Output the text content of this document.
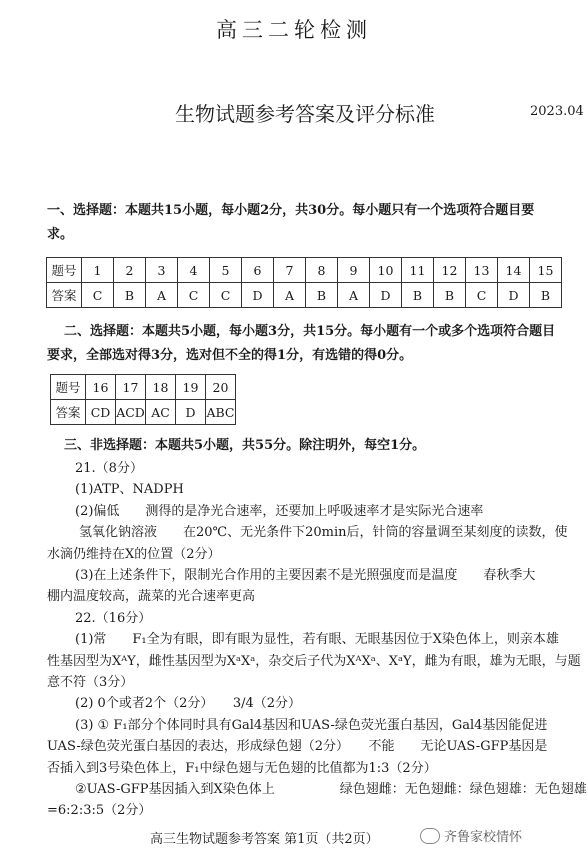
高三二轮检测
生物试题参考答案及评分标准	2023.04
一、选择题：本题共15小题，每小题2分，共30分。每小题只有一个选项符合题目要
求。
题号	1	2	3	4	5	6	7	8	9	10	11	12	13	14	15
答案	C	B	A	C	C	D	A	B	A	D	B	B	C	D	B
二、选择题：本题共5小题，每小题3分，共15分。每小题有一个或多个选项符合题目
要求，全部选对得3分，选对但不全的得1分，有选错的得0分。
题号	16	17	18	19	20
答案	CD	ACD	AC	D	ABC
三、非选择题：本题共5小题，共55分。除注明外，每空1分。
21.（8分）
(1)ATP、NADPH
(2)偏低　　测得的是净光合速率，还要加上呼吸速率才是实际光合速率
　氢氧化钠溶液　　在20℃、无光条件下20min后，针筒的容量调至某刻度的读数，使
水滴仍维持在X的位置（2分）
(3)在上述条件下，限制光合作用的主要因素不是光照强度而是温度　　春秋季大
棚内温度较高，蔬菜的光合速率更高
22.（16分）
(1)常　　F₁全为有眼，即有眼为显性，若有眼、无眼基因位于X染色体上，则亲本雄
性基因型为XᴬY，雌性基因型为XᵃXᵃ，杂交后子代为XᴬXᵃ、XᵃY，雌为有眼，雄为无眼，与题
意不符（3分）
(2) 0个或者2个（2分）　　3/4（2分）
(3) ① F₁部分个体同时具有Gal4基因和UAS-绿色荧光蛋白基因，Gal4基因能促进
UAS-绿色荧光蛋白基因的表达，形成绿色翅（2分）　　不能　　无论UAS-GFP基因是
否插入到3号染色体上，F₁中绿色翅与无色翅的比值都为1:3（2分）
②UAS-GFP基因插入到X染色体上　　　　　绿色翅雌：无色翅雌：绿色翅雄：无色翅雄
=6:2:3:5（2分）
高三生物试题参考答案 第1页（共2页）	齐鲁家校情怀
